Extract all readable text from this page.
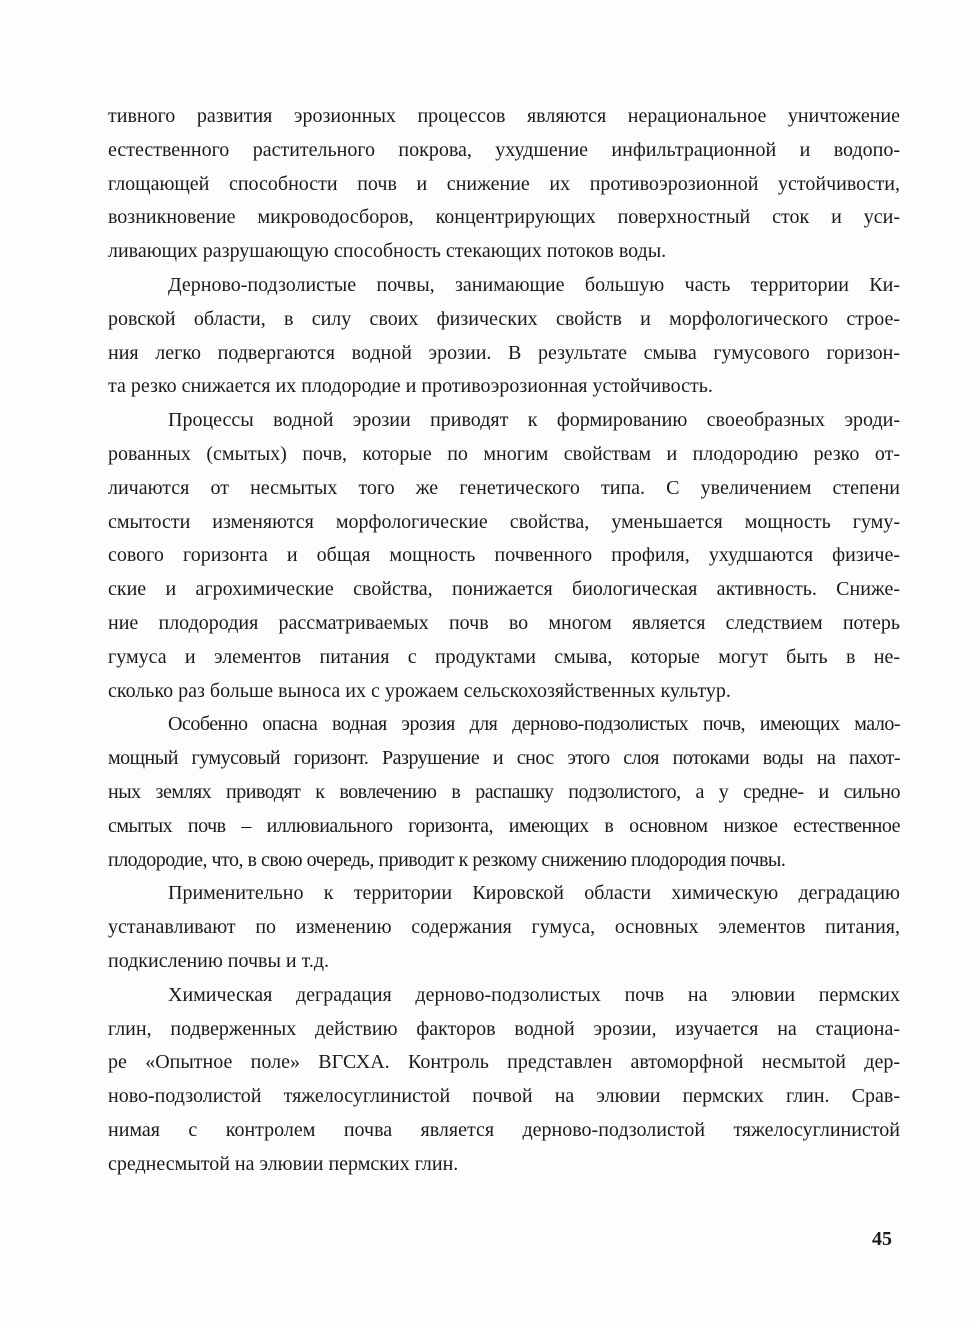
тивного развития эрозионных процессов являются нерациональное уничтожение
естественного растительного покрова, ухудшение инфильтрационной и водопо-
глощающей способности почв и снижение их противоэрозионной устойчивости,
возникновение микроводосборов, концентрирующих поверхностный сток и уси-
ливающих разрушающую способность стекающих потоков воды.
Дерново-подзолистые почвы, занимающие большую часть территории Ки-
ровской области, в силу своих физических свойств и морфологического строе-
ния легко подвергаются водной эрозии. В результате смыва гумусового горизон-
та резко снижается их плодородие и противоэрозионная устойчивость.
Процессы водной эрозии приводят к формированию своеобразных эроди-
рованных (смытых) почв, которые по многим свойствам и плодородию резко от-
личаются от несмытых того же генетического типа. С увеличением степени
смытости изменяются морфологические свойства, уменьшается мощность гуму-
сового горизонта и общая мощность почвенного профиля, ухудшаются физиче-
ские и агрохимические свойства, понижается биологическая активность. Сниже-
ние плодородия рассматриваемых почв во многом является следствием потерь
гумуса и элементов питания с продуктами смыва, которые могут быть в не-
сколько раз больше выноса их с урожаем сельскохозяйственных культур.
Особенно опасна водная эрозия для дерново-подзолистых почв, имеющих мало-
мощный гумусовый горизонт. Разрушение и снос этого слоя потоками воды на пахот-
ных землях приводят к вовлечению в распашку подзолистого, а у средне- и сильно
смытых почв – иллювиального горизонта, имеющих в основном низкое естественное
плодородие, что, в свою очередь, приводит к резкому снижению плодородия почвы.
Применительно к территории Кировской области химическую деградацию
устанавливают по изменению содержания гумуса, основных элементов питания,
подкислению почвы и т.д.
Химическая деградация дерново-подзолистых почв на элювии пермских
глин, подверженных действию факторов водной эрозии, изучается на стациона-
ре «Опытное поле» ВГСХА. Контроль представлен автоморфной несмытой дер-
ново-подзолистой тяжелосуглинистой почвой на элювии пермских глин. Срав-
нимая с контролем почва является дерново-подзолистой тяжелосуглинистой
среднесмытой на элювии пермских глин.
45
